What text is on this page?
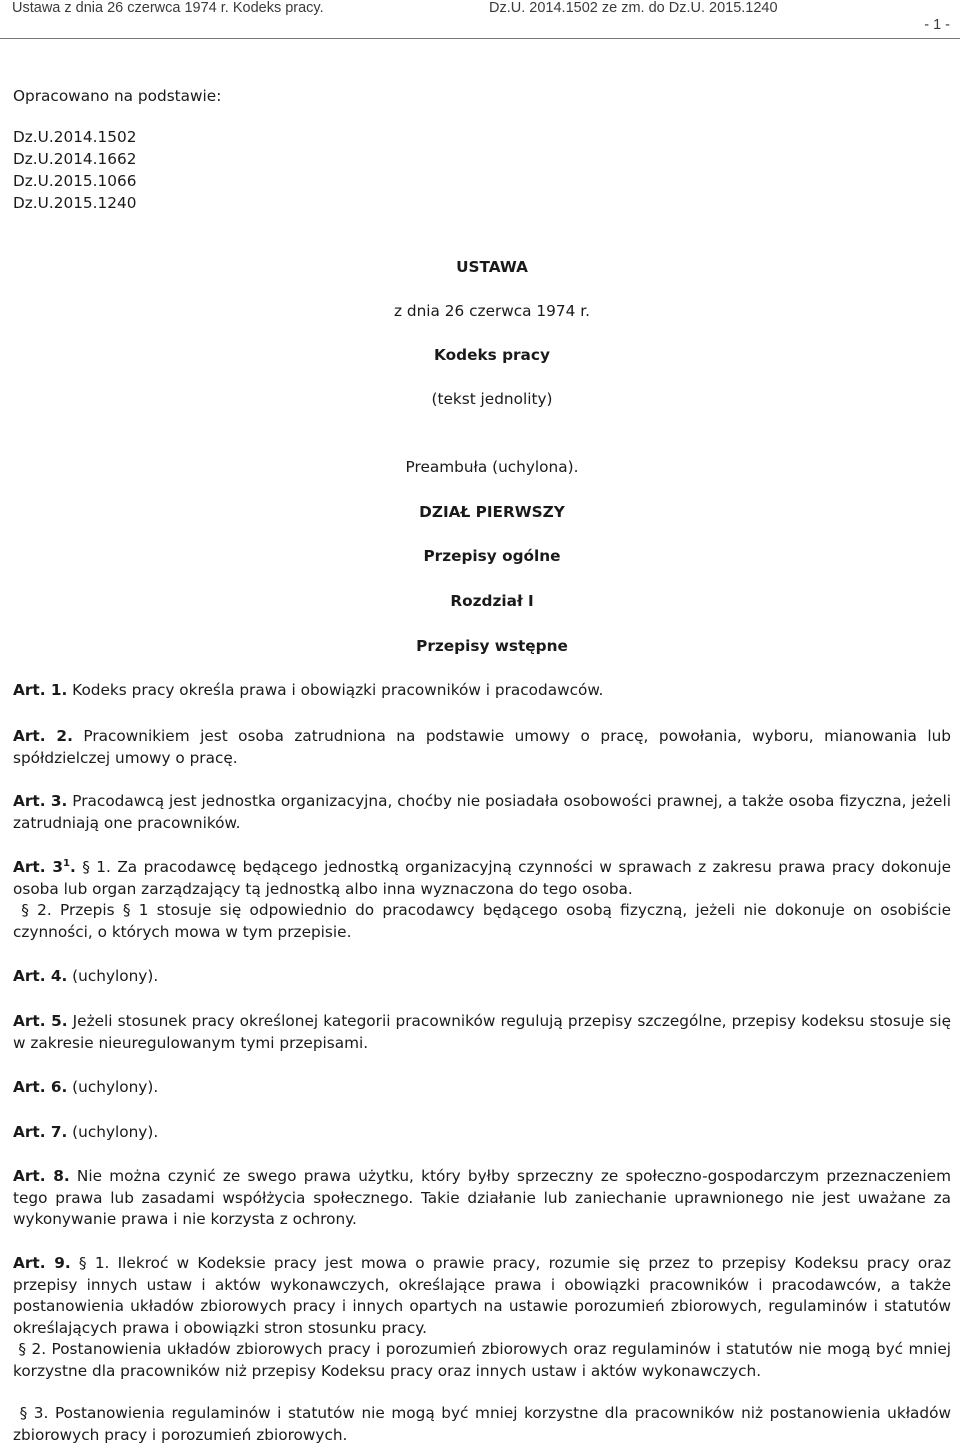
Ustawa z dnia 26 czerwca 1974 r. Kodeks pracy.	Dz.U. 2014.1502 ze zm. do Dz.U. 2015.1240
- 1 -
Opracowano na podstawie:
Dz.U.2014.1502
Dz.U.2014.1662
Dz.U.2015.1066
Dz.U.2015.1240
USTAWA
z dnia 26 czerwca 1974 r.
Kodeks pracy
(tekst jednolity)
Preambuła (uchylona).
DZIAŁ PIERWSZY
Przepisy ogólne
Rozdział I
Przepisy wstępne
Art. 1. Kodeks pracy określa prawa i obowiązki pracowników i pracodawców.
Art. 2. Pracownikiem jest osoba zatrudniona na podstawie umowy o pracę, powołania, wyboru, mianowania lub spółdzielczej umowy o pracę.
Art. 3. Pracodawcą jest jednostka organizacyjna, choćby nie posiadała osobowości prawnej, a także osoba fizyczna, jeżeli zatrudniają one pracowników.
Art. $3^1$. § 1. Za pracodawcę będącego jednostką organizacyjną czynności w sprawach z zakresu prawa pracy dokonuje osoba lub organ zarządzający tą jednostką albo inna wyznaczona do tego osoba.
§ 2. Przepis § 1 stosuje się odpowiednio do pracodawcy będącego osobą fizyczną, jeżeli nie dokonuje on osobiście czynności, o których mowa w tym przepisie.
Art. 4. (uchylony).
Art. 5. Jeżeli stosunek pracy określonej kategorii pracowników regulują przepisy szczególne, przepisy kodeksu stosuje się w zakresie nieuregulowanym tymi przepisami.
Art. 6. (uchylony).
Art. 7. (uchylony).
Art. 8. Nie można czynić ze swego prawa użytku, który byłby sprzeczny ze społeczno-gospodarczym przeznaczeniem tego prawa lub zasadami współżycia społecznego. Takie działanie lub zaniechanie uprawnionego nie jest uważane za wykonywanie prawa i nie korzysta z ochrony.
Art. 9. § 1. Ilekroć w Kodeksie pracy jest mowa o prawie pracy, rozumie się przez to przepisy Kodeksu pracy oraz przepisy innych ustaw i aktów wykonawczych, określające prawa i obowiązki pracowników i pracodawców, a także postanowienia układów zbiorowych pracy i innych opartych na ustawie porozumień zbiorowych, regulaminów i statutów określających prawa i obowiązki stron stosunku pracy.
§ 2. Postanowienia układów zbiorowych pracy i porozumień zbiorowych oraz regulaminów i statutów nie mogą być mniej korzystne dla pracowników niż przepisy Kodeksu pracy oraz innych ustaw i aktów wykonawczych.
§ 3. Postanowienia regulaminów i statutów nie mogą być mniej korzystne dla pracowników niż postanowienia układów zbiorowych pracy i porozumień zbiorowych.
